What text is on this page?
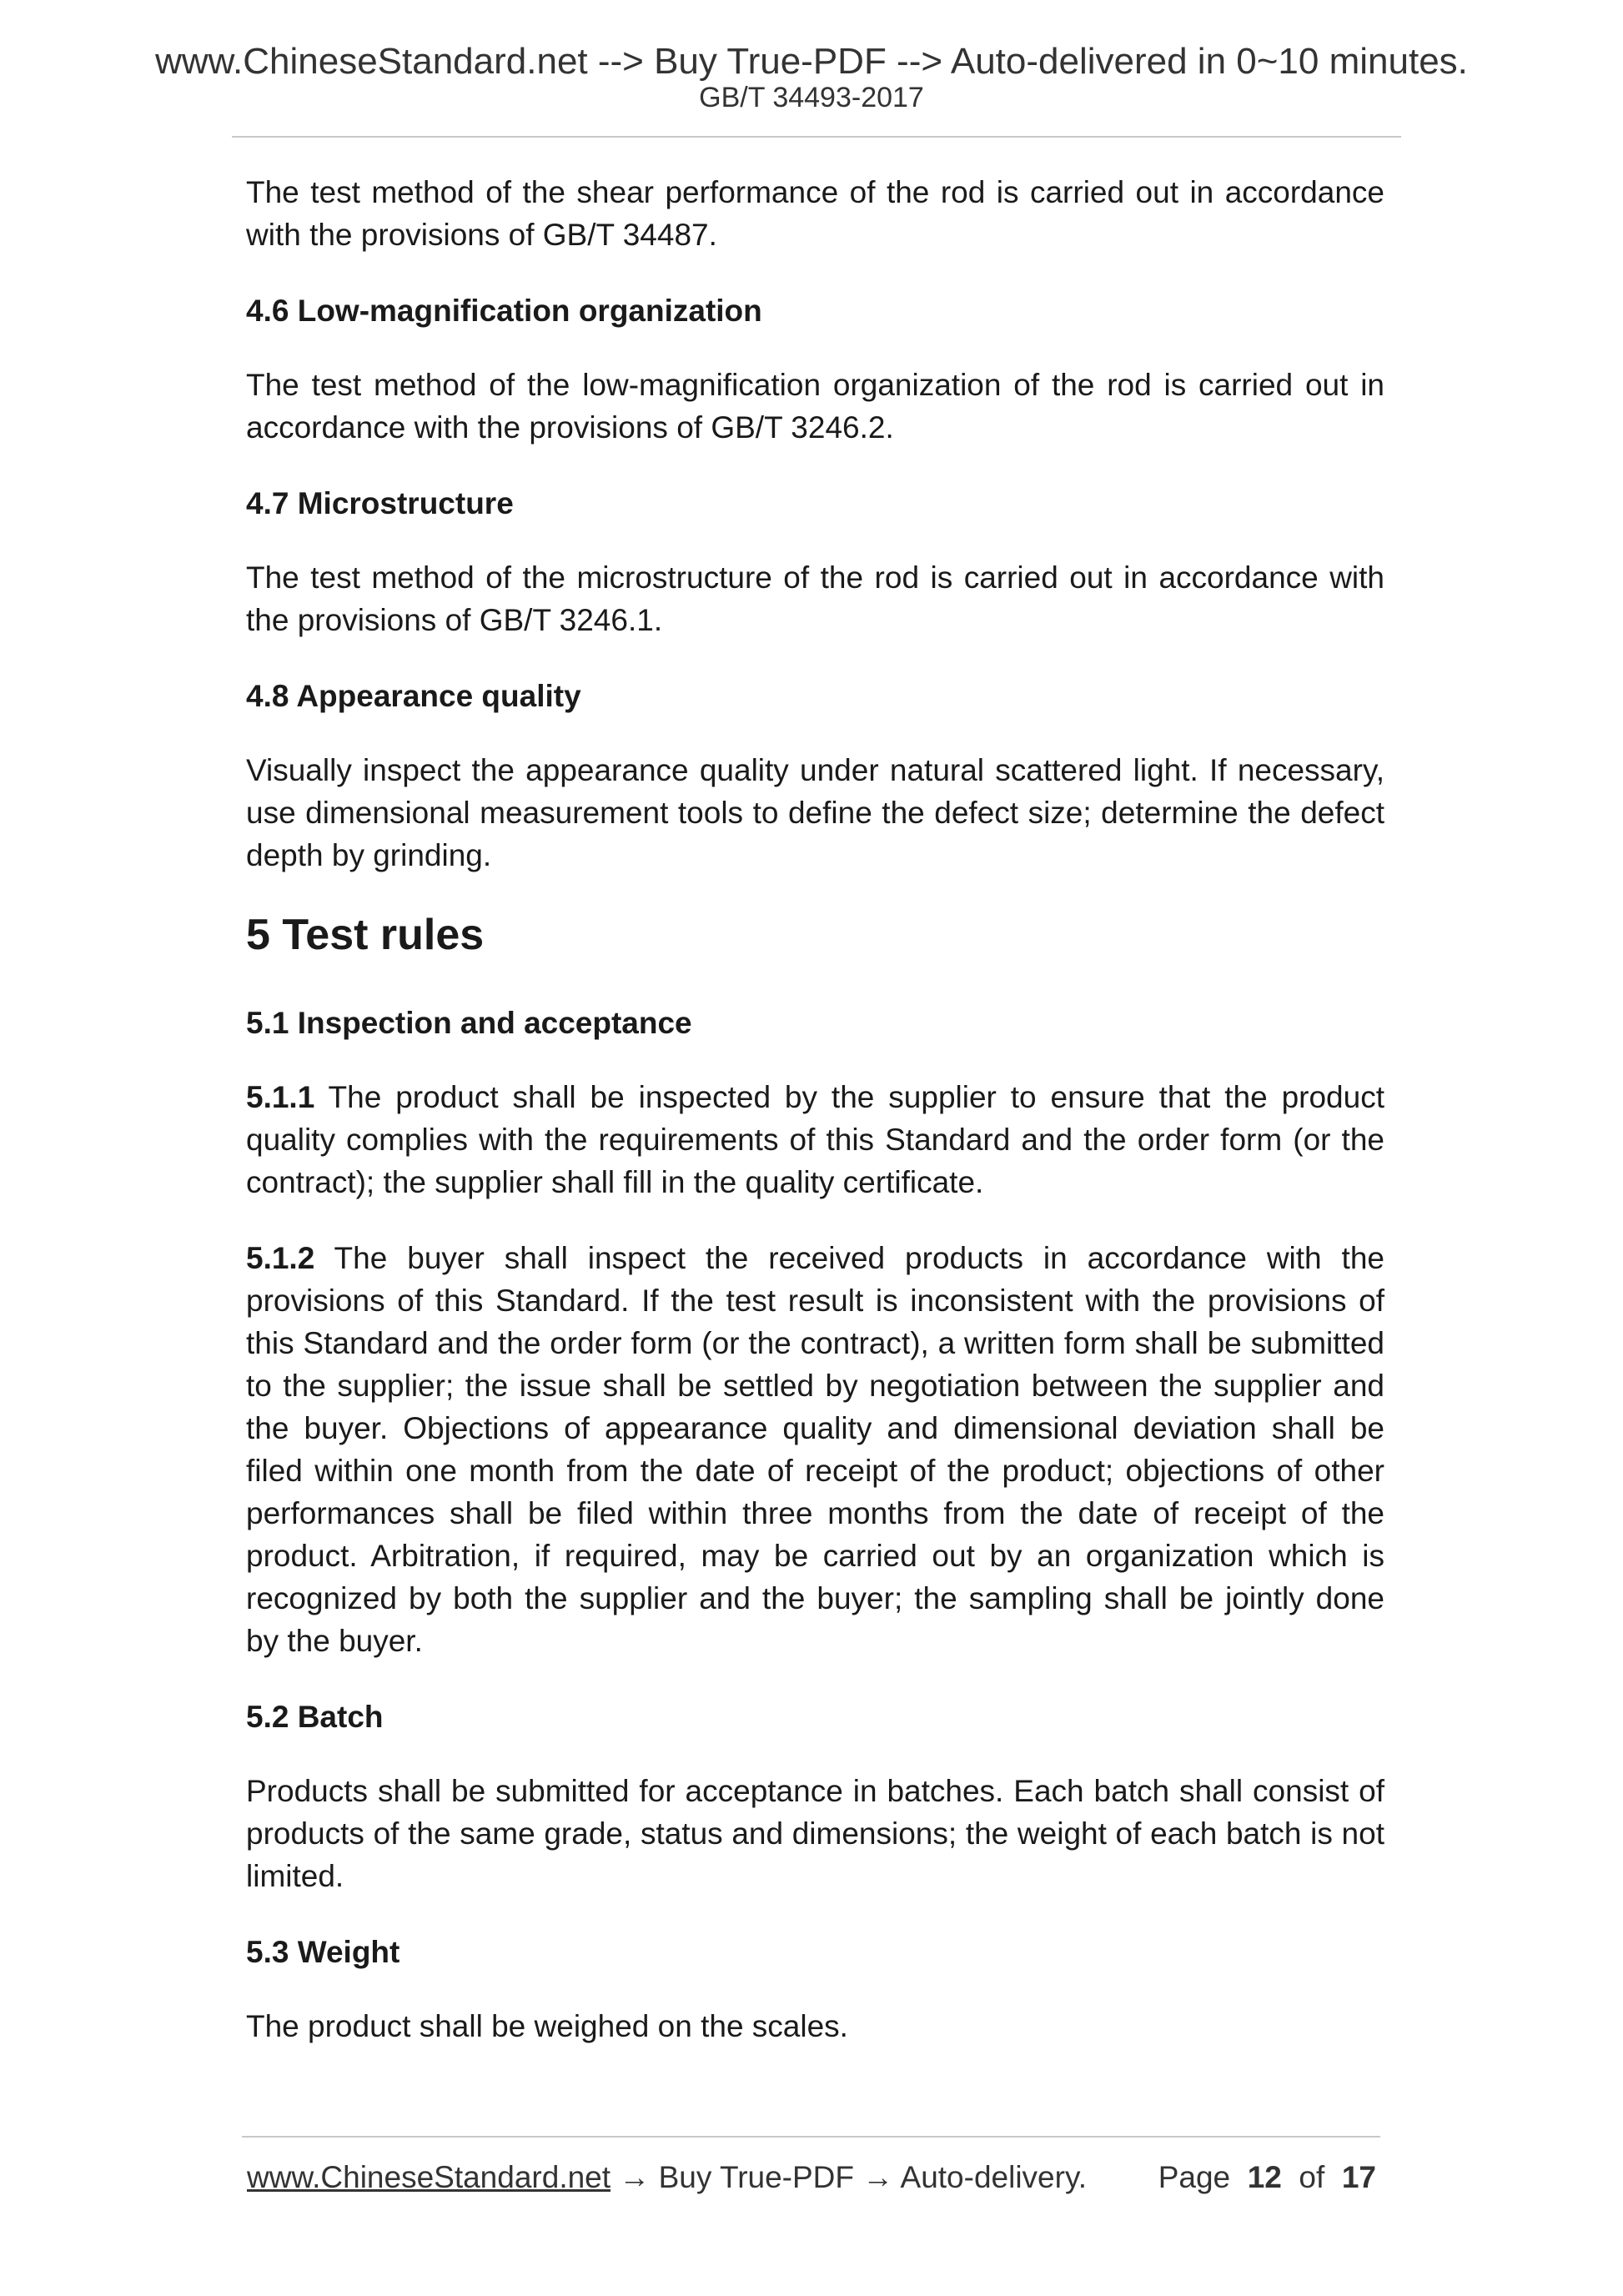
www.ChineseStandard.net --> Buy True-PDF --> Auto-delivered in 0~10 minutes.
GB/T 34493-2017

The test method of the shear performance of the rod is carried out in accordance with the provisions of GB/T 34487.

4.6 Low-magnification organization

The test method of the low-magnification organization of the rod is carried out in accordance with the provisions of GB/T 3246.2.

4.7 Microstructure

The test method of the microstructure of the rod is carried out in accordance with the provisions of GB/T 3246.1.

4.8 Appearance quality

Visually inspect the appearance quality under natural scattered light. If necessary, use dimensional measurement tools to define the defect size; determine the defect depth by grinding.

5 Test rules
5.1 Inspection and acceptance

5.1.1 The product shall be inspected by the supplier to ensure that the product quality complies with the requirements of this Standard and the order form (or the contract); the supplier shall fill in the quality certificate.

5.1.2 The buyer shall inspect the received products in accordance with the provisions of this Standard. If the test result is inconsistent with the provisions of this Standard and the order form (or the contract), a written form shall be submitted to the supplier; the issue shall be settled by negotiation between the supplier and the buyer. Objections of appearance quality and dimensional deviation shall be filed within one month from the date of receipt of the product; objections of other performances shall be filed within three months from the date of receipt of the product. Arbitration, if required, may be carried out by an organization which is recognized by both the supplier and the buyer; the sampling shall be jointly done by the buyer.

5.2 Batch

Products shall be submitted for acceptance in batches. Each batch shall consist of products of the same grade, status and dimensions; the weight of each batch is not limited.

5.3 Weight

The product shall be weighed on the scales.

www.ChineseStandard.net → Buy True-PDF → Auto-delivery. Page 12 of 17
